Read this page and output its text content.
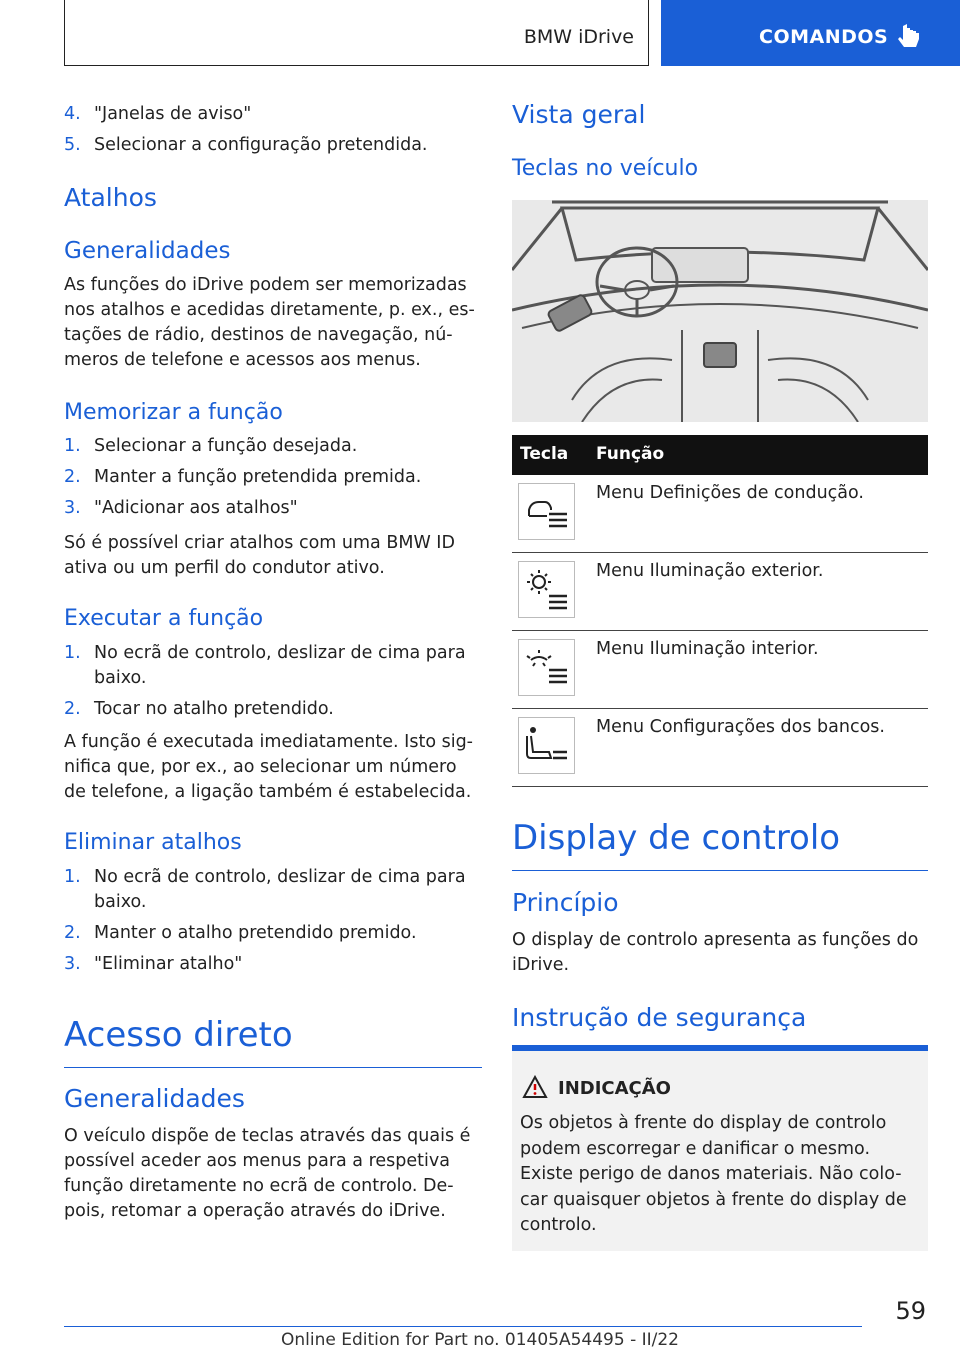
BMW iDrive	COMANDOS
4. "Janelas de aviso"
5. Selecionar a configuração pretendida.
Atalhos
Generalidades

As funções do iDrive podem ser memorizadas nos atalhos e acedidas diretamente, p. ex., es-tações de rádio, destinos de navegação, nú-meros de telefone e acessos aos menus.

Memorizar a função
1. Selecionar a função desejada.
2. Manter a função pretendida premida.
3. "Adicionar aos atalhos"

Só é possível criar atalhos com uma BMW ID ativa ou um perfil do condutor ativo.

Executar a função
1. No ecrã de controlo, deslizar de cima para baixo.
2. Tocar no atalho pretendido.

A função é executada imediatamente. Isto sig-nifica que, por ex., ao selecionar um número de telefone, a ligação também é estabelecida.

Eliminar atalhos
1. No ecrã de controlo, deslizar de cima para baixo.
2. Manter o atalho pretendido premido.
3. "Eliminar atalho"
Acesso direto
Generalidades

O veículo dispõe de teclas através das quais é possível aceder aos menus para a respetiva função diretamente no ecrã de controlo. De-pois, retomar a operação através do iDrive.

Vista geral
Teclas no veículo
Tecla Função
Menu Definições de condução.
Menu Iluminação exterior.
Menu Iluminação interior.
Menu Configurações dos bancos.
Display de controlo
Princípio

O display de controlo apresenta as funções do iDrive.

Instrução de segurança
INDICAÇÃO
Os objetos à frente do display de controlo podem escorregar e danificar o mesmo. Existe perigo de danos materiais. Não colo-car quaisquer objetos à frente do display de controlo.
59
Online Edition for Part no. 01405A54495 - II/22
